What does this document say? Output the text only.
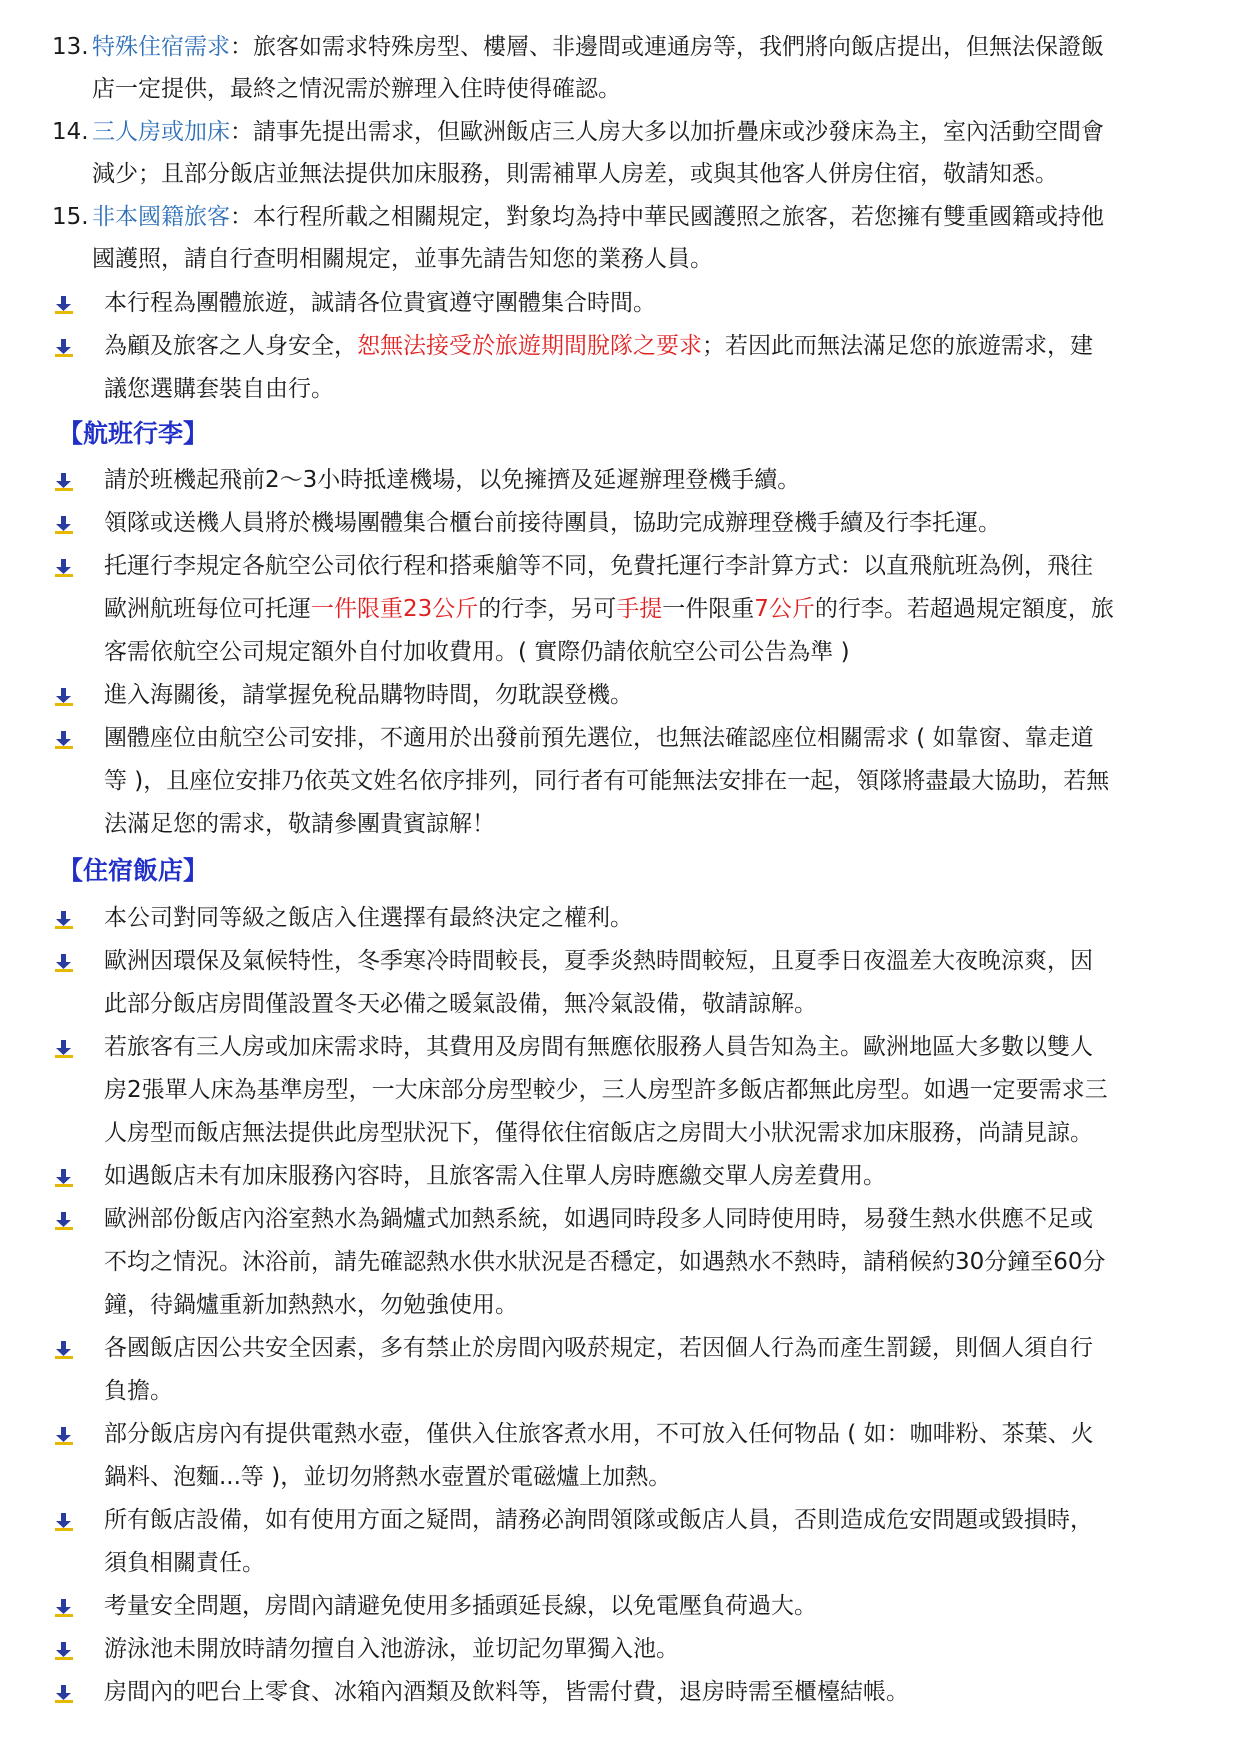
13. 特殊住宿需求：旅客如需求特殊房型、樓層、非邊間或連通房等，我們將向飯店提出，但無法保證飯
店一定提供，最終之情況需於辦理入住時使得確認。
14. 三人房或加床：請事先提出需求，但歐洲飯店三人房大多以加折疊床或沙發床為主，室內活動空間會
減少；且部分飯店並無法提供加床服務，則需補單人房差，或與其他客人併房住宿，敬請知悉。
15. 非本國籍旅客：本行程所載之相關規定，對象均為持中華民國護照之旅客，若您擁有雙重國籍或持他
國護照，請自行查明相關規定，並事先請告知您的業務人員。
本行程為團體旅遊，誠請各位貴賓遵守團體集合時間。
為顧及旅客之人身安全，恕無法接受於旅遊期間脫隊之要求；若因此而無法滿足您的旅遊需求，建
議您選購套裝自由行。
【航班行李】
請於班機起飛前2～3小時抵達機場，以免擁擠及延遲辦理登機手續。
領隊或送機人員將於機場團體集合櫃台前接待團員，協助完成辦理登機手續及行李托運。
托運行李規定各航空公司依行程和搭乘艙等不同，免費托運行李計算方式：以直飛航班為例，飛往
歐洲航班每位可托運一件限重23公斤的行李，另可手提一件限重7公斤的行李。若超過規定額度，旅
客需依航空公司規定額外自付加收費用。( 實際仍請依航空公司公告為準 )
進入海關後，請掌握免稅品購物時間，勿耽誤登機。
團體座位由航空公司安排，不適用於出發前預先選位，也無法確認座位相關需求 ( 如靠窗、靠走道
等 )，且座位安排乃依英文姓名依序排列，同行者有可能無法安排在一起，領隊將盡最大協助，若無
法滿足您的需求，敬請參團貴賓諒解！
【住宿飯店】
本公司對同等級之飯店入住選擇有最終決定之權利。
歐洲因環保及氣候特性，冬季寒冷時間較長，夏季炎熱時間較短，且夏季日夜溫差大夜晚涼爽，因
此部分飯店房間僅設置冬天必備之暖氣設備，無冷氣設備，敬請諒解。
若旅客有三人房或加床需求時，其費用及房間有無應依服務人員告知為主。歐洲地區大多數以雙人
房2張單人床為基準房型，一大床部分房型較少，三人房型許多飯店都無此房型。如遇一定要需求三
人房型而飯店無法提供此房型狀況下，僅得依住宿飯店之房間大小狀況需求加床服務，尚請見諒。
如遇飯店未有加床服務內容時，且旅客需入住單人房時應繳交單人房差費用。
歐洲部份飯店內浴室熱水為鍋爐式加熱系統，如遇同時段多人同時使用時，易發生熱水供應不足或
不均之情況。沐浴前，請先確認熱水供水狀況是否穩定，如遇熱水不熱時，請稍候約30分鐘至60分
鐘，待鍋爐重新加熱熱水，勿勉強使用。
各國飯店因公共安全因素，多有禁止於房間內吸菸規定，若因個人行為而產生罰鍰，則個人須自行
負擔。
部分飯店房內有提供電熱水壺，僅供入住旅客煮水用，不可放入任何物品 ( 如：咖啡粉、茶葉、火
鍋料、泡麵...等 )，並切勿將熱水壺置於電磁爐上加熱。
所有飯店設備，如有使用方面之疑問，請務必詢問領隊或飯店人員，否則造成危安問題或毀損時，
須負相關責任。
考量安全問題，房間內請避免使用多插頭延長線，以免電壓負荷過大。
游泳池未開放時請勿擅自入池游泳，並切記勿單獨入池。
房間內的吧台上零食、冰箱內酒類及飲料等，皆需付費，退房時需至櫃檯結帳。
